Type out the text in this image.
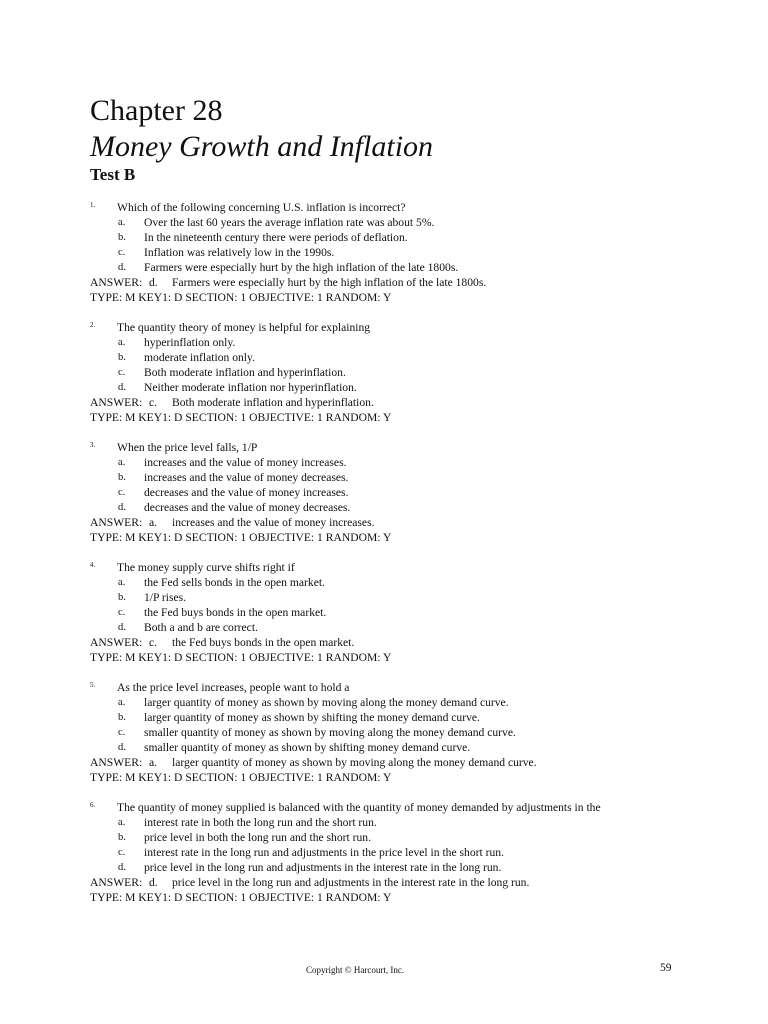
Chapter 28
Money Growth and Inflation
Test B
1. Which of the following concerning U.S. inflation is incorrect?
a. Over the last 60 years the average inflation rate was about 5%.
b. In the nineteenth century there were periods of deflation.
c. Inflation was relatively low in the 1990s.
d. Farmers were especially hurt by the high inflation of the late 1800s.
ANSWER: d.	Farmers were especially hurt by the high inflation of the late 1800s.
TYPE: M KEY1: D SECTION: 1 OBJECTIVE: 1 RANDOM: Y
2. The quantity theory of money is helpful for explaining
a. hyperinflation only.
b. moderate inflation only.
c. Both moderate inflation and hyperinflation.
d. Neither moderate inflation nor hyperinflation.
ANSWER: c.	Both moderate inflation and hyperinflation.
TYPE: M KEY1: D SECTION: 1 OBJECTIVE: 1 RANDOM: Y
3. When the price level falls, 1/P
a. increases and the value of money increases.
b. increases and the value of money decreases.
c. decreases and the value of money increases.
d. decreases and the value of money decreases.
ANSWER: a.	increases and the value of money increases.
TYPE: M KEY1: D SECTION: 1 OBJECTIVE: 1 RANDOM: Y
4. The money supply curve shifts right if
a. the Fed sells bonds in the open market.
b. 1/P rises.
c. the Fed buys bonds in the open market.
d. Both a and b are correct.
ANSWER: c.	the Fed buys bonds in the open market.
TYPE: M KEY1: D SECTION: 1 OBJECTIVE: 1 RANDOM: Y
5. As the price level increases, people want to hold a
a. larger quantity of money as shown by moving along the money demand curve.
b. larger quantity of money as shown by shifting the money demand curve.
c. smaller quantity of money as shown by moving along the money demand curve.
d. smaller quantity of money as shown by shifting money demand curve.
ANSWER: a.	larger quantity of money as shown by moving along the money demand curve.
TYPE: M KEY1: D SECTION: 1 OBJECTIVE: 1 RANDOM: Y
6. The quantity of money supplied is balanced with the quantity of money demanded by adjustments in the
a. interest rate in both the long run and the short run.
b. price level in both the long run and the short run.
c. interest rate in the long run and adjustments in the price level in the short run.
d. price level in the long run and adjustments in the interest rate in the long run.
ANSWER: d.	price level in the long run and adjustments in the interest rate in the long run.
TYPE: M KEY1: D SECTION: 1 OBJECTIVE: 1 RANDOM: Y
Copyright © Harcourt, Inc.	59
